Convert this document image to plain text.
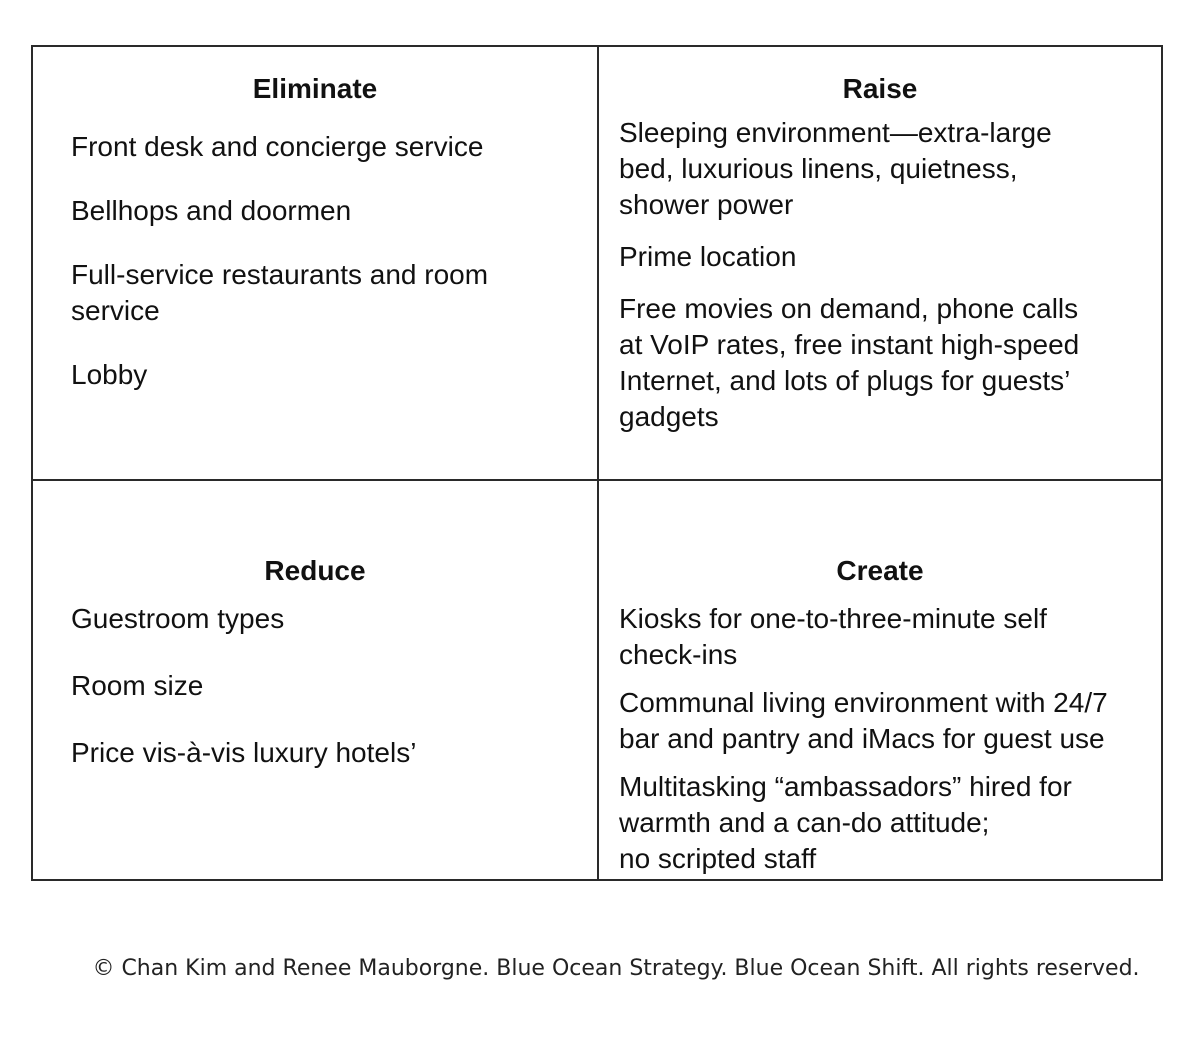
Eliminate
Front desk and concierge service
Bellhops and doormen
Full-service restaurants and room
service
Lobby
Raise
Sleeping environment—extra-large
bed, luxurious linens, quietness,
shower power
Prime location
Free movies on demand, phone calls
at VoIP rates, free instant high-speed
Internet, and lots of plugs for guests’
gadgets
Reduce
Guestroom types
Room size
Price vis-à-vis luxury hotels’
Create
Kiosks for one-to-three-minute self
check-ins
Communal living environment with 24/7
bar and pantry and iMacs for guest use
Multitasking “ambassadors” hired for
warmth and a can-do attitude;
no scripted staff
© Chan Kim and Renee Mauborgne. Blue Ocean Strategy. Blue Ocean Shift. All rights reserved.
